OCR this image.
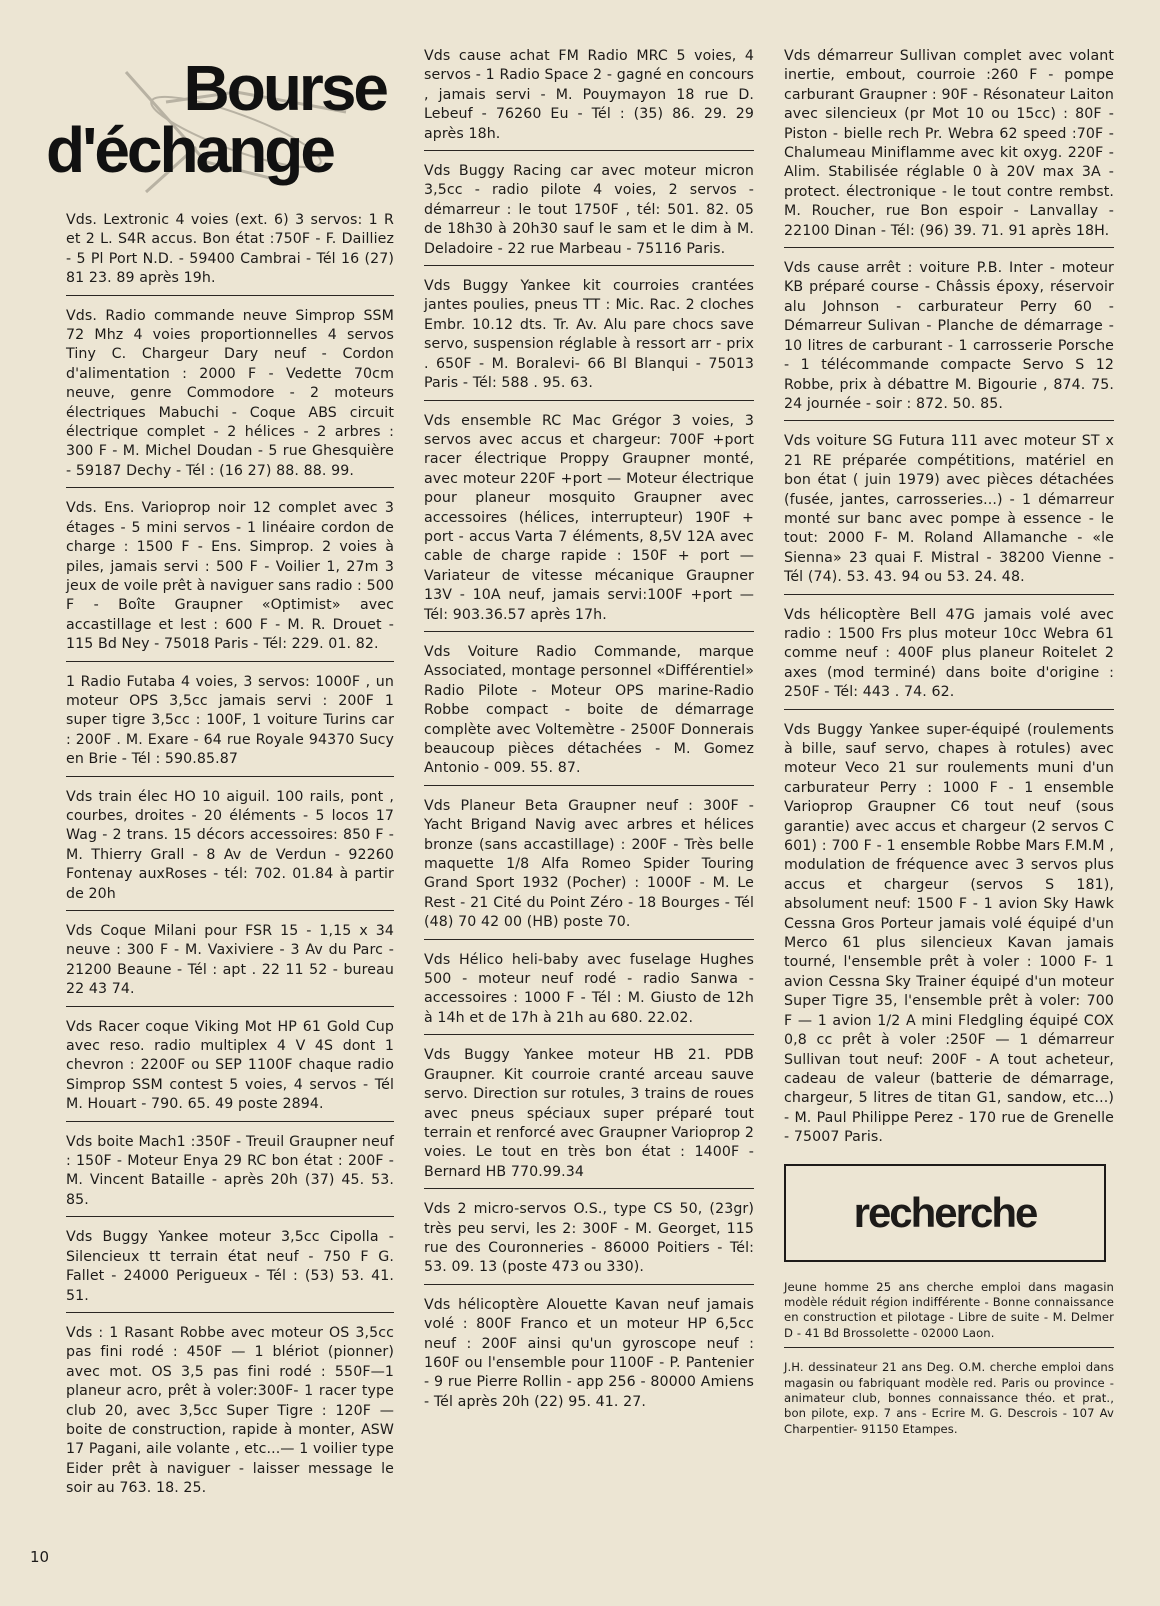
Bourse
d'échange
Vds. Lextronic 4 voies (ext. 6) 3 servos: 1 R et 2 L. S4R accus. Bon état :750F - F. Dailliez - 5 Pl Port N.D. - 59400 Cambrai - Tél 16 (27) 81 23. 89 après 19h.
Vds. Radio commande neuve Simprop SSM 72 Mhz 4 voies proportionnelles 4 servos Tiny C. Chargeur Dary neuf - Cordon d'alimentation : 2000 F - Vedette 70cm neuve, genre Commodore - 2 moteurs électriques Mabuchi - Coque ABS circuit électrique complet - 2 hélices - 2 arbres : 300 F - M. Michel Doudan - 5 rue Ghesquière - 59187 Dechy - Tél : (16 27) 88. 88. 99.
Vds. Ens. Varioprop noir 12 complet avec 3 étages - 5 mini servos - 1 linéaire cordon de charge : 1500 F - Ens. Simprop. 2 voies à piles, jamais servi : 500 F - Voilier 1, 27m 3 jeux de voile prêt à naviguer sans radio : 500 F - Boîte Graupner «Optimist» avec accastillage et lest : 600 F - M. R. Drouet - 115 Bd Ney - 75018 Paris - Tél: 229. 01. 82.
1 Radio Futaba 4 voies, 3 servos: 1000F , un moteur OPS 3,5cc jamais servi : 200F 1 super tigre 3,5cc : 100F, 1 voiture Turins car : 200F . M. Exare - 64 rue Royale 94370 Sucy en Brie - Tél : 590.85.87
Vds train élec HO 10 aiguil. 100 rails, pont , courbes, droites - 20 éléments - 5 locos 17 Wag - 2 trans. 15 décors accessoires: 850 F - M. Thierry Grall - 8 Av de Verdun - 92260 Fontenay auxRoses - tél: 702. 01.84 à partir de 20h
Vds Coque Milani pour FSR 15 - 1,15 x 34 neuve : 300 F - M. Vaxiviere - 3 Av du Parc - 21200 Beaune - Tél : apt . 22 11 52 - bureau 22 43 74.
Vds Racer coque Viking Mot HP 61 Gold Cup avec reso. radio multiplex 4 V 4S dont 1 chevron : 2200F ou SEP 1100F chaque radio Simprop SSM contest 5 voies, 4 servos - Tél M. Houart - 790. 65. 49 poste 2894.
Vds boite Mach1 :350F - Treuil Graupner neuf : 150F - Moteur Enya 29 RC bon état : 200F - M. Vincent Bataille - après 20h (37) 45. 53. 85.
Vds Buggy Yankee moteur 3,5cc Cipolla - Silencieux tt terrain état neuf - 750 F G. Fallet - 24000 Perigueux - Tél : (53) 53. 41. 51.
Vds : 1 Rasant Robbe avec moteur OS 3,5cc pas fini rodé : 450F — 1 blériot (pionner) avec mot. OS 3,5 pas fini rodé : 550F—1 planeur acro, prêt à voler:300F- 1 racer type club 20, avec 3,5cc Super Tigre : 120F — boite de construction, rapide à monter, ASW 17 Pagani, aile volante , etc...— 1 voilier type Eider prêt à naviguer - laisser message le soir au 763. 18. 25.
Vds cause achat FM Radio MRC 5 voies, 4 servos - 1 Radio Space 2 - gagné en concours , jamais servi - M. Pouymayon 18 rue D. Lebeuf - 76260 Eu - Tél : (35) 86. 29. 29 après 18h.
Vds Buggy Racing car avec moteur micron 3,5cc - radio pilote 4 voies, 2 servos - démarreur : le tout 1750F , tél: 501. 82. 05 de 18h30 à 20h30 sauf le sam et le dim à M. Deladoire - 22 rue Marbeau - 75116 Paris.
Vds Buggy Yankee kit courroies crantées jantes poulies, pneus TT : Mic. Rac. 2 cloches Embr. 10.12 dts. Tr. Av. Alu pare chocs save servo, suspension réglable à ressort arr - prix . 650F - M. Boralevi- 66 Bl Blanqui - 75013 Paris - Tél: 588 . 95. 63.
Vds ensemble RC Mac Grégor 3 voies, 3 servos avec accus et chargeur: 700F +port racer électrique Proppy Graupner monté, avec moteur 220F +port — Moteur électrique pour planeur mosquito Graupner avec accessoires (hélices, interrupteur) 190F + port - accus Varta 7 éléments, 8,5V 12A avec cable de charge rapide : 150F + port — Variateur de vitesse mécanique Graupner 13V - 10A neuf, jamais servi:100F +port — Tél: 903.36.57 après 17h.
Vds Voiture Radio Commande, marque Associated, montage personnel «Différentiel» Radio Pilote - Moteur OPS marine-Radio Robbe compact - boite de démarrage complète avec Voltemètre - 2500F Donnerais beaucoup pièces détachées - M. Gomez Antonio - 009. 55. 87.
Vds Planeur Beta Graupner neuf : 300F - Yacht Brigand Navig avec arbres et hélices bronze (sans accastillage) : 200F - Très belle maquette 1/8 Alfa Romeo Spider Touring Grand Sport 1932 (Pocher) : 1000F - M. Le Rest - 21 Cité du Point Zéro - 18 Bourges - Tél (48) 70 42 00 (HB) poste 70.
Vds Hélico heli-baby avec fuselage Hughes 500 - moteur neuf rodé - radio Sanwa - accessoires : 1000 F - Tél : M. Giusto de 12h à 14h et de 17h à 21h au 680. 22.02.
Vds Buggy Yankee moteur HB 21. PDB Graupner. Kit courroie cranté arceau sauve servo. Direction sur rotules, 3 trains de roues avec pneus spéciaux super préparé tout terrain et renforcé avec Graupner Varioprop 2 voies. Le tout en très bon état : 1400F - Bernard HB 770.99.34
Vds 2 micro-servos O.S., type CS 50, (23gr) très peu servi, les 2: 300F - M. Georget, 115 rue des Couronneries - 86000 Poitiers - Tél: 53. 09. 13 (poste 473 ou 330).
Vds hélicoptère Alouette Kavan neuf jamais volé : 800F Franco et un moteur HP 6,5cc neuf : 200F ainsi qu'un gyroscope neuf : 160F ou l'ensemble pour 1100F - P. Pantenier - 9 rue Pierre Rollin - app 256 - 80000 Amiens - Tél après 20h (22) 95. 41. 27.
Vds démarreur Sullivan complet avec volant inertie, embout, courroie :260 F - pompe carburant Graupner : 90F - Résonateur Laiton avec silencieux (pr Mot 10 ou 15cc) : 80F - Piston - bielle rech Pr. Webra 62 speed :70F - Chalumeau Miniflamme avec kit oxyg. 220F - Alim. Stabilisée réglable 0 à 20V max 3A - protect. électronique - le tout contre rembst. M. Roucher, rue Bon espoir - Lanvallay - 22100 Dinan - Tél: (96) 39. 71. 91 après 18H.
Vds cause arrêt : voiture P.B. Inter - moteur KB préparé course - Châssis époxy, réservoir alu Johnson - carburateur Perry 60 - Démarreur Sulivan - Planche de démarrage - 10 litres de carburant - 1 carrosserie Porsche - 1 télécommande compacte Servo S 12 Robbe, prix à débattre M. Bigourie , 874. 75. 24 journée - soir : 872. 50. 85.
Vds voiture SG Futura 111 avec moteur ST x 21 RE préparée compétitions, matériel en bon état ( juin 1979) avec pièces détachées (fusée, jantes, carrosseries...) - 1 démarreur monté sur banc avec pompe à essence - le tout: 2000 F- M. Roland Allamanche - «le Sienna» 23 quai F. Mistral - 38200 Vienne - Tél (74). 53. 43. 94 ou 53. 24. 48.
Vds hélicoptère Bell 47G jamais volé avec radio : 1500 Frs plus moteur 10cc Webra 61 comme neuf : 400F plus planeur Roitelet 2 axes (mod terminé) dans boite d'origine : 250F - Tél: 443 . 74. 62.
Vds Buggy Yankee super-équipé (roulements à bille, sauf servo, chapes à rotules) avec moteur Veco 21 sur roulements muni d'un carburateur Perry : 1000 F - 1 ensemble Varioprop Graupner C6 tout neuf (sous garantie) avec accus et chargeur (2 servos C 601) : 700 F - 1 ensemble Robbe Mars F.M.M , modulation de fréquence avec 3 servos plus accus et chargeur (servos S 181), absolument neuf: 1500 F - 1 avion Sky Hawk Cessna Gros Porteur jamais volé équipé d'un Merco 61 plus silencieux Kavan jamais tourné, l'ensemble prêt à voler : 1000 F- 1 avion Cessna Sky Trainer équipé d'un moteur Super Tigre 35, l'ensemble prêt à voler: 700 F — 1 avion 1/2 A mini Fledgling équipé COX 0,8 cc prêt à voler :250F — 1 démarreur Sullivan tout neuf: 200F - A tout acheteur, cadeau de valeur (batterie de démarrage, chargeur, 5 litres de titan G1, sandow, etc...) - M. Paul Philippe Perez - 170 rue de Grenelle - 75007 Paris.
recherche
Jeune homme 25 ans cherche emploi dans magasin modèle réduit région indifférente - Bonne connaissance en construction et pilotage - Libre de suite - M. Delmer D - 41 Bd Brossolette - 02000 Laon.
J.H. dessinateur 21 ans Deg. O.M. cherche emploi dans magasin ou fabriquant modèle red. Paris ou province - animateur club, bonnes connaissance théo. et prat., bon pilote, exp. 7 ans - Ecrire M. G. Descrois - 107 Av Charpentier- 91150 Etampes.
10
